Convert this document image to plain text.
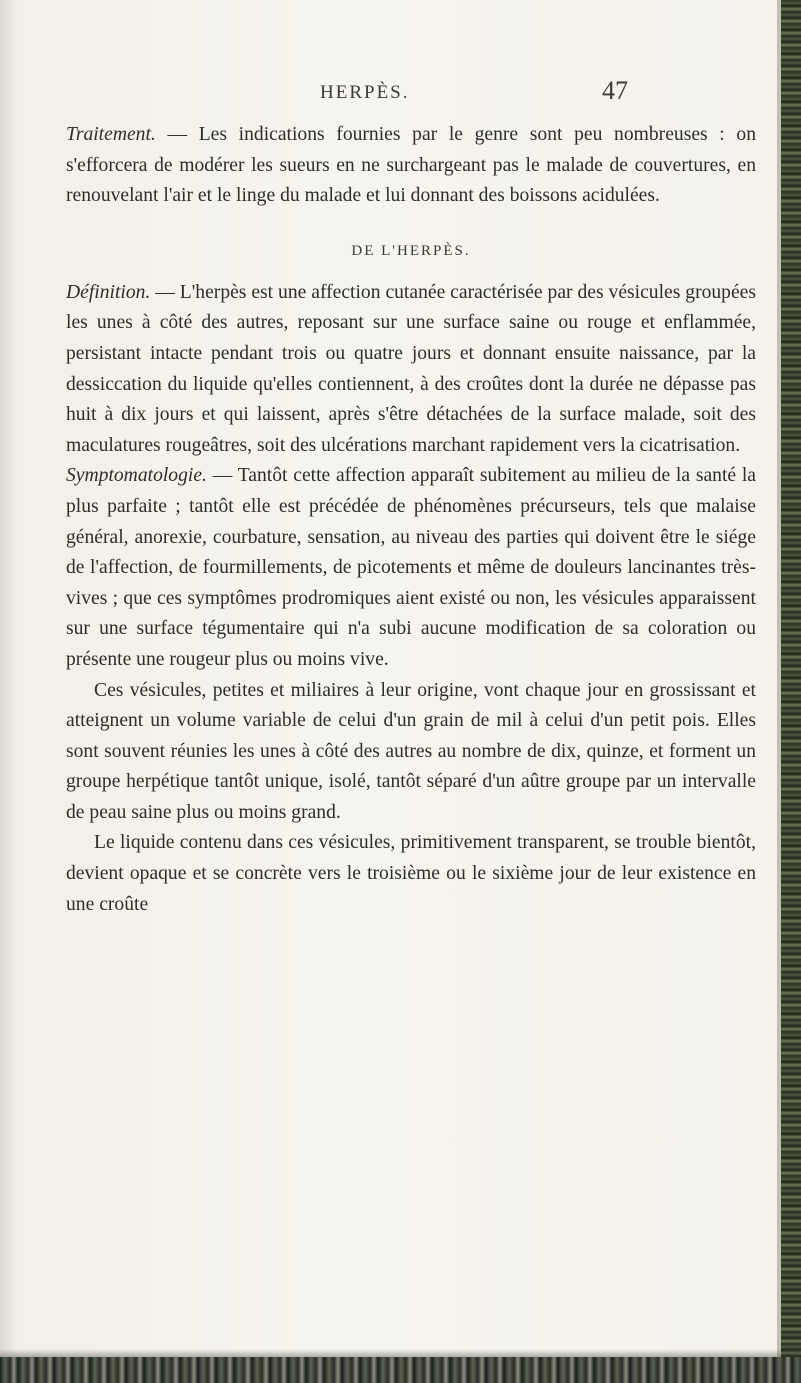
HERPÈS.	47

Traitement. — Les indications fournies par le genre sont peu nombreuses : on s'efforcera de modérer les sueurs en ne surchargeant pas le malade de couvertures, en renouvelant l'air et le linge du malade et lui donnant des boissons acidulées.

DE L'HERPÈS.

Définition. — L'herpès est une affection cutanée caractérisée par des vésicules groupées les unes à côté des autres, reposant sur une surface saine ou rouge et enflammée, persistant intacte pendant trois ou quatre jours et donnant ensuite naissance, par la dessiccation du liquide qu'elles contiennent, à des croûtes dont la durée ne dépasse pas huit à dix jours et qui laissent, après s'être détachées de la surface malade, soit des maculatures rougeâtres, soit des ulcérations marchant rapidement vers la cicatrisation.

Symptomatologie. — Tantôt cette affection apparaît subitement au milieu de la santé la plus parfaite ; tantôt elle est précédée de phénomènes précurseurs, tels que malaise général, anorexie, courbature, sensation, au niveau des parties qui doivent être le siége de l'affection, de fourmillements, de picotements et même de douleurs lancinantes très-vives ; que ces symptômes prodromiques aient existé ou non, les vésicules apparaissent sur une surface tégumentaire qui n'a subi aucune modification de sa coloration ou présente une rougeur plus ou moins vive.

Ces vésicules, petites et miliaires à leur origine, vont chaque jour en grossissant et atteignent un volume variable de celui d'un grain de mil à celui d'un petit pois. Elles sont souvent réunies les unes à côté des autres au nombre de dix, quinze, et forment un groupe herpétique tantôt unique, isolé, tantôt séparé d'un aûtre groupe par un intervalle de peau saine plus ou moins grand.

Le liquide contenu dans ces vésicules, primitivement transparent, se trouble bientôt, devient opaque et se concrète vers le troisième ou le sixième jour de leur existence en une croûte
